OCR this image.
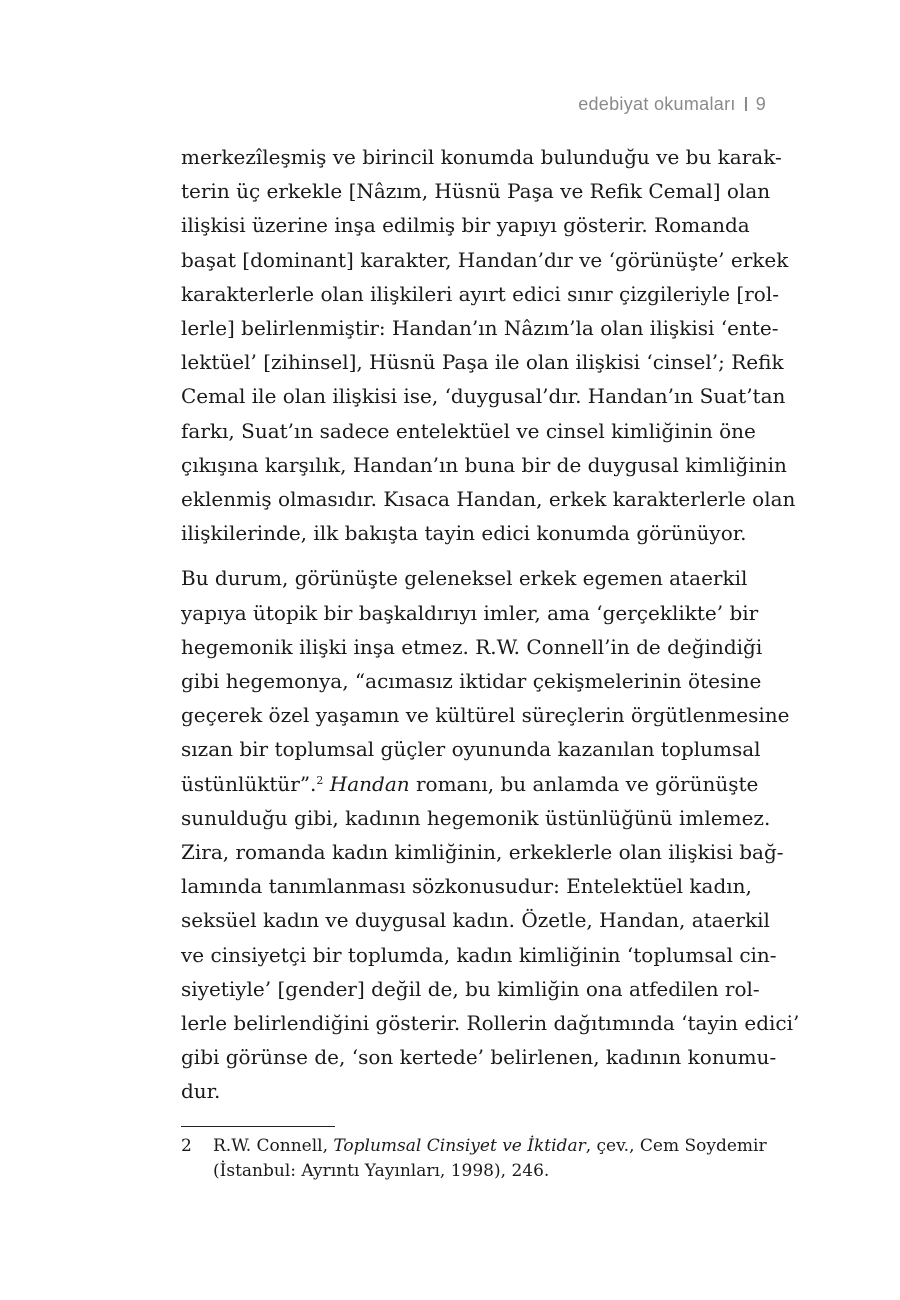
edebiyat okumaları 9
merkezîleşmiş ve birincil konumda bulunduğu ve bu karak-
terin üç erkekle [Nâzım, Hüsnü Paşa ve Refik Cemal] olan
ilişkisi üzerine inşa edilmiş bir yapıyı gösterir. Romanda
başat [dominant] karakter, Handan’dır ve ‘görünüşte’ erkek
karakterlerle olan ilişkileri ayırt edici sınır çizgileriyle [rol-
lerle] belirlenmiştir: Handan’ın Nâzım’la olan ilişkisi ‘ente-
lektüel’ [zihinsel], Hüsnü Paşa ile olan ilişkisi ‘cinsel’; Refik
Cemal ile olan ilişkisi ise, ‘duygusal’dır. Handan’ın Suat’tan
farkı, Suat’ın sadece entelektüel ve cinsel kimliğinin öne
çıkışına karşılık, Handan’ın buna bir de duygusal kimliğinin
eklenmiş olmasıdır. Kısaca Handan, erkek karakterlerle olan
ilişkilerinde, ilk bakışta tayin edici konumda görünüyor.
Bu durum, görünüşte geleneksel erkek egemen ataerkil
yapıya ütopik bir başkaldırıyı imler, ama ‘gerçeklikte’ bir
hegemonik ilişki inşa etmez. R.W. Connell’in de değindiği
gibi hegemonya, “acımasız iktidar çekişmelerinin ötesine
geçerek özel yaşamın ve kültürel süreçlerin örgütlenmesine
sızan bir toplumsal güçler oyununda kazanılan toplumsal
üstünlüktür”.$^2$ Handan romanı, bu anlamda ve görünüşte
sunulduğu gibi, kadının hegemonik üstünlüğünü imlemez.
Zira, romanda kadın kimliğinin, erkeklerle olan ilişkisi bağ-
lamında tanımlanması sözkonusudur: Entelektüel kadın,
seksüel kadın ve duygusal kadın. Özetle, Handan, ataerkil
ve cinsiyetçi bir toplumda, kadın kimliğinin ‘toplumsal cin-
siyetiyle’ [gender] değil de, bu kimliğin ona atfedilen rol-
lerle belirlendiğini gösterir. Rollerin dağıtımında ‘tayin edici’
gibi görünse de, ‘son kertede’ belirlenen, kadının konumu-
dur.
2	R.W. Connell, Toplumsal Cinsiyet ve İktidar, çev., Cem Soydemir
(İstanbul: Ayrıntı Yayınları, 1998), 246.
